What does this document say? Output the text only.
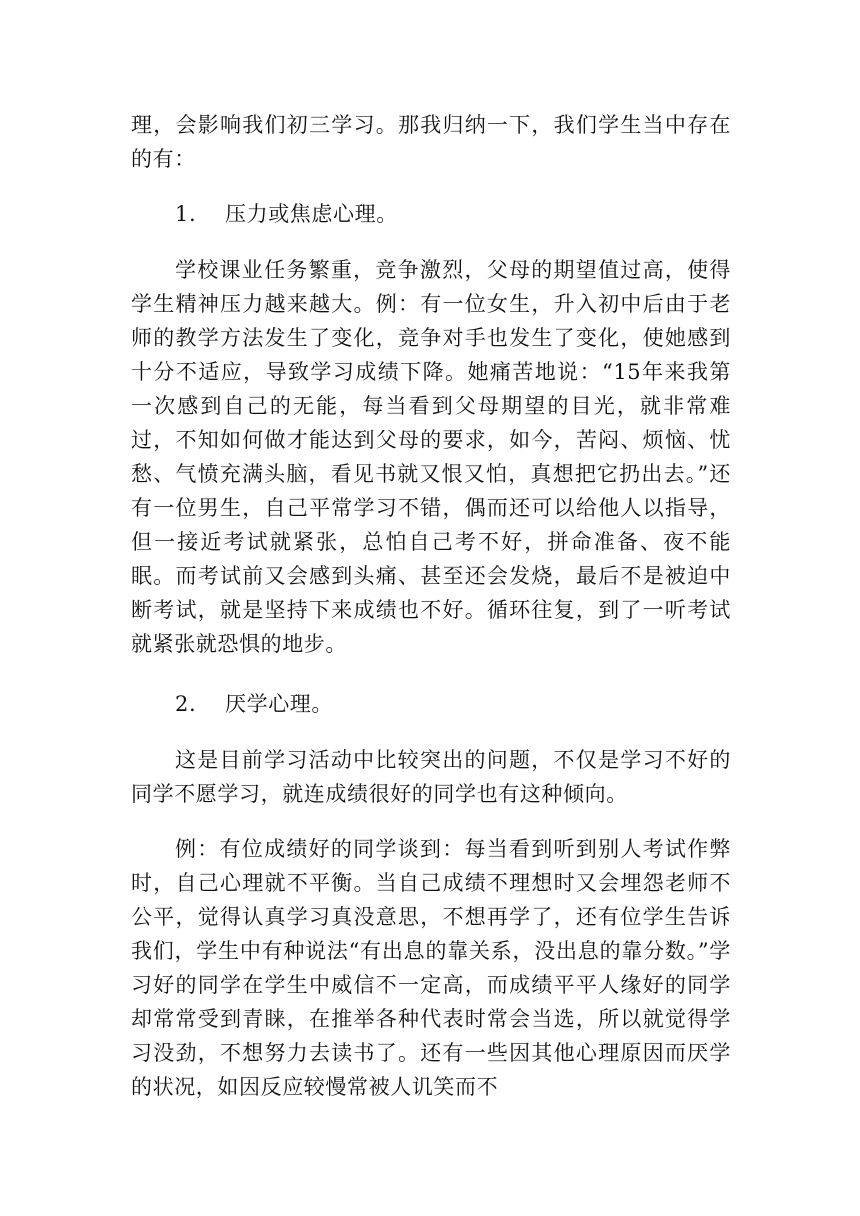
理，会影响我们初三学习。那我归纳一下，我们学生当中存在的有：

1. 压力或焦虑心理。

学校课业任务繁重，竞争激烈，父母的期望值过高，使得学生精神压力越来越大。例：有一位女生，升入初中后由于老师的教学方法发生了变化，竞争对手也发生了变化，使她感到十分不适应，导致学习成绩下降。她痛苦地说：“15年来我第一次感到自己的无能，每当看到父母期望的目光，就非常难过，不知如何做才能达到父母的要求，如今，苦闷、烦恼、忧愁、气愤充满头脑，看见书就又恨又怕，真想把它扔出去。”还有一位男生，自己平常学习不错，偶而还可以给他人以指导，但一接近考试就紧张，总怕自己考不好，拼命准备、夜不能眠。而考试前又会感到头痛、甚至还会发烧，最后不是被迫中断考试，就是坚持下来成绩也不好。循环往复，到了一听考试就紧张就恐惧的地步。

2. 厌学心理。

这是目前学习活动中比较突出的问题，不仅是学习不好的同学不愿学习，就连成绩很好的同学也有这种倾向。

例：有位成绩好的同学谈到：每当看到听到别人考试作弊时，自己心理就不平衡。当自己成绩不理想时又会埋怨老师不公平，觉得认真学习真没意思，不想再学了，还有位学生告诉我们，学生中有种说法“有出息的靠关系，没出息的靠分数。”学习好的同学在学生中威信不一定高，而成绩平平人缘好的同学却常常受到青睐，在推举各种代表时常会当选，所以就觉得学习没劲，不想努力去读书了。还有一些因其他心理原因而厌学的状况，如因反应较慢常被人讥笑而不
